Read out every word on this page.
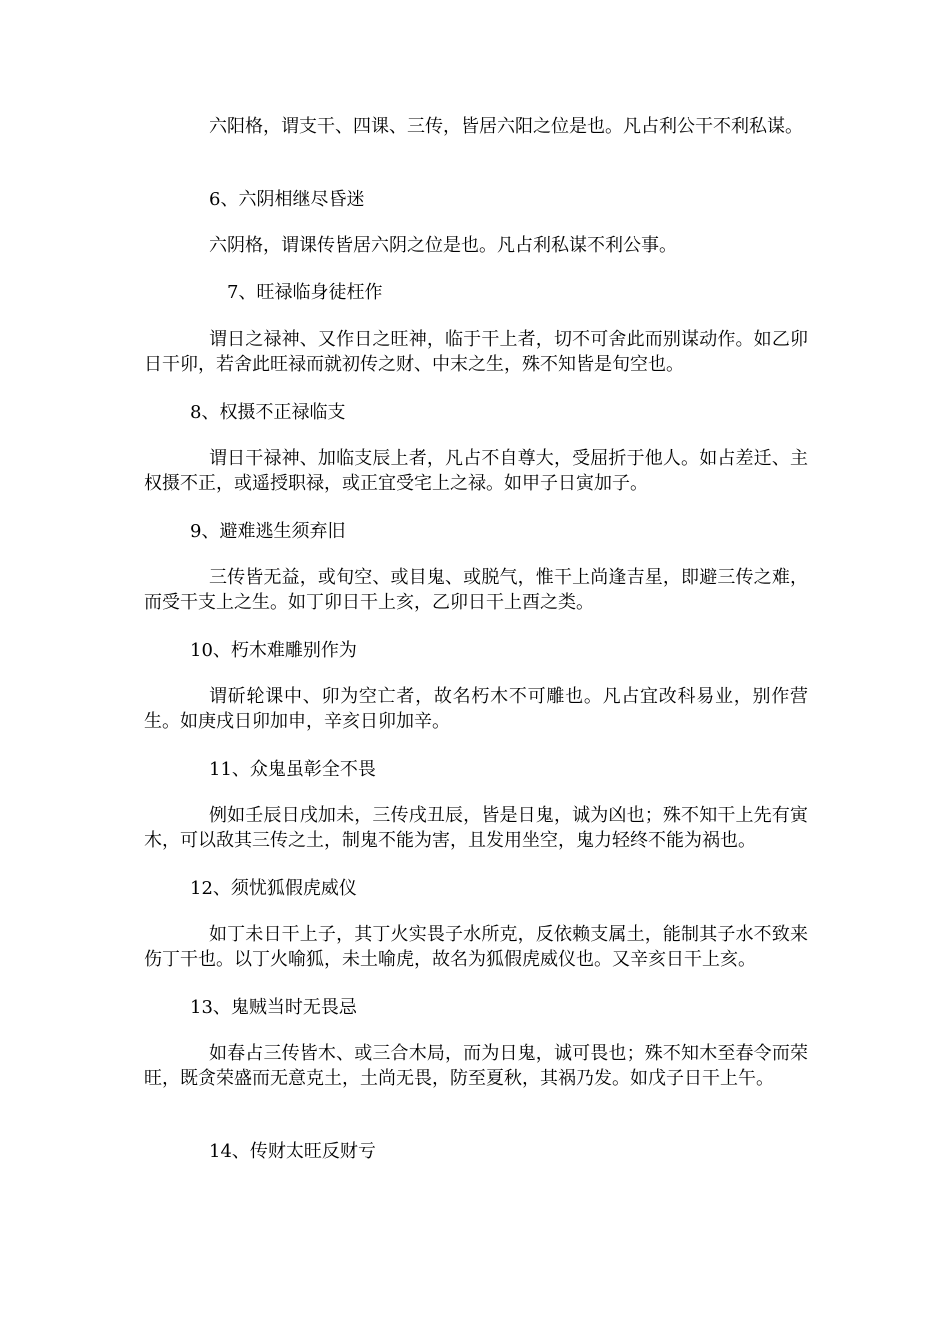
六阳格，谓支干、四课、三传，皆居六阳之位是也。凡占利公干不利私谋。

6、六阴相继尽昏迷

六阴格，谓课传皆居六阴之位是也。凡占利私谋不利公事。

7、旺禄临身徒枉作

谓日之禄神、又作日之旺神，临于干上者，切不可舍此而别谋动作。如乙卯日干卯，若舍此旺禄而就初传之财、中末之生，殊不知皆是旬空也。

8、权摄不正禄临支

谓日干禄神、加临支辰上者，凡占不自尊大，受屈折于他人。如占差迁、主权摄不正，或遥授职禄，或正宜受宅上之禄。如甲子日寅加子。

9、避难逃生须弃旧

三传皆无益，或旬空、或目鬼、或脱气，惟干上尚逢吉星，即避三传之难，而受干支上之生。如丁卯日干上亥，乙卯日干上酉之类。

10、朽木难雕别作为

谓斫轮课中、卯为空亡者，故名朽木不可雕也。凡占宜改科易业，别作营生。如庚戌日卯加申，辛亥日卯加辛。

11、众鬼虽彰全不畏

例如壬辰日戌加未，三传戌丑辰，皆是日鬼，诚为凶也；殊不知干上先有寅木，可以敌其三传之土，制鬼不能为害，且发用坐空，鬼力轻终不能为祸也。

12、须忧狐假虎威仪

如丁未日干上子，其丁火实畏子水所克，反依赖支属土，能制其子水不致来伤丁干也。以丁火喻狐，未土喻虎，故名为狐假虎威仪也。又辛亥日干上亥。

13、鬼贼当时无畏忌

如春占三传皆木、或三合木局，而为日鬼，诚可畏也；殊不知木至春令而荣旺，既贪荣盛而无意克土，土尚无畏，防至夏秋，其祸乃发。如戊子日干上午。

14、传财太旺反财亏
